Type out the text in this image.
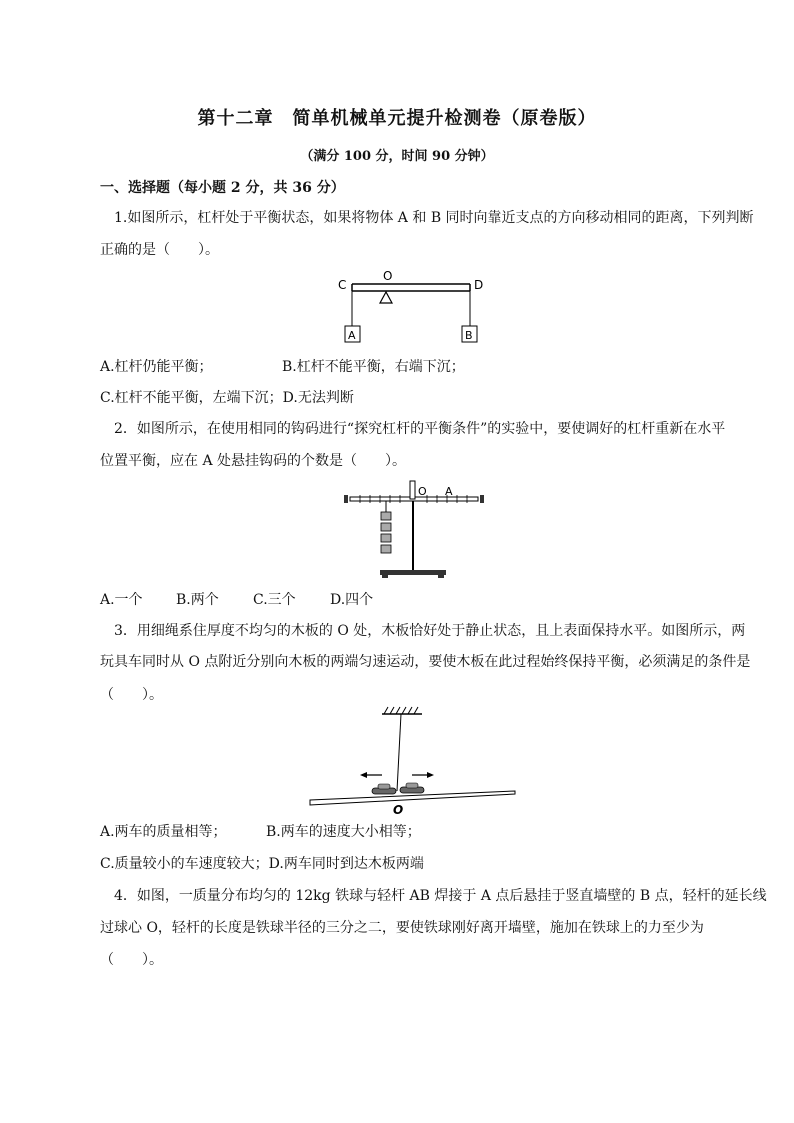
第十二章　简单机械单元提升检测卷（原卷版）
（满分 100 分，时间 90 分钟）
一、选择题（每小题 2 分，共 36 分）
1.如图所示，杠杆处于平衡状态，如果将物体 A 和 B 同时向靠近支点的方向移动相同的距离，下列判断
正确的是（　　）。
C
O
D
A	B
A.杠杆仍能平衡；	B.杠杆不能平衡，右端下沉；
C.杠杆不能平衡，左端下沉；D.无法判断
2．如图所示，在使用相同的钩码进行“探究杠杆的平衡条件”的实验中，要使调好的杠杆重新在水平
位置平衡，应在 A 处悬挂钩码的个数是（　　）。
O A
A.一个 B.两个 C.三个 D.四个
3．用细绳系住厚度不均匀的木板的 O 处，木板恰好处于静止状态，且上表面保持水平。如图所示，两
玩具车同时从 O 点附近分别向木板的两端匀速运动，要使木板在此过程始终保持平衡，必须满足的条件是
（　　）。
O
A.两车的质量相等；	B.两车的速度大小相等；
C.质量较小的车速度较大；D.两车同时到达木板两端
4．如图，一质量分布均匀的 12kg 铁球与轻杆 AB 焊接于 A 点后悬挂于竖直墙壁的 B 点，轻杆的延长线
过球心 O，轻杆的长度是铁球半径的三分之二，要使铁球刚好离开墙壁，施加在铁球上的力至少为
（　　）。
